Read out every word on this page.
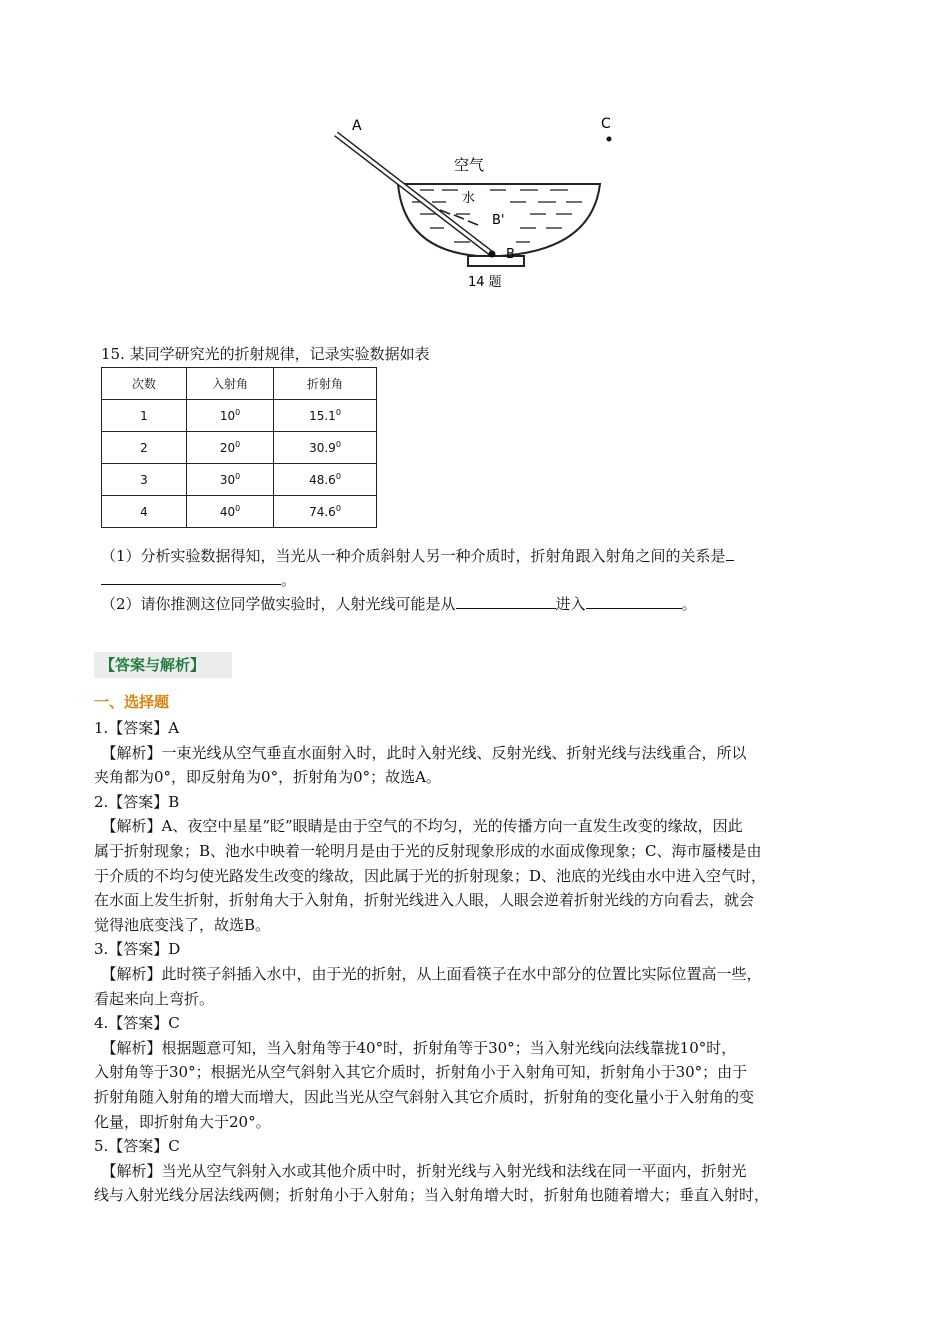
A	C
空气
水
B'
B
14 题
15. 某同学研究光的折射规律，记录实验数据如表
次数	入射角	折射角
1	$10^0$	15.1$^0$
2	$20^0$	30.9$^0$
3	$30^0$	48.6$^0$
4	$40^0$	74.6$^0$
（1）分析实验数据得知，当光从一种介质斜射人另一种介质时，折射角跟入射角之间的关系是
。
（2）请你推测这位同学做实验时，人射光线可能是从	进入	。
【答案与解析】
一、选择题
1.【答案】A
　【解析】一束光线从空气垂直水面射入时，此时入射光线、反射光线、折射光线与法线重合，所以
夹角都为0°，即反射角为0°，折射角为0°；故选A。
2.【答案】B
　【解析】A、夜空中星星”眨”眼睛是由于空气的不均匀，光的传播方向一直发生改变的缘故，因此
属于折射现象；B、池水中映着一轮明月是由于光的反射现象形成的水面成像现象；C、海市蜃楼是由
于介质的不均匀使光路发生改变的缘故，因此属于光的折射现象；D、池底的光线由水中进入空气时，
在水面上发生折射，折射角大于入射角，折射光线进入人眼，人眼会逆着折射光线的方向看去，就会
觉得池底变浅了，故选B。
3.【答案】D
　【解析】此时筷子斜插入水中，由于光的折射，从上面看筷子在水中部分的位置比实际位置高一些，
看起来向上弯折。
4.【答案】C
　【解析】根据题意可知，当入射角等于40°时，折射角等于30°；当入射光线向法线靠拢10°时，
入射角等于30°；根据光从空气斜射入其它介质时，折射角小于入射角可知，折射角小于30°；由于
折射角随入射角的增大而增大，因此当光从空气斜射入其它介质时，折射角的变化量小于入射角的变
化量，即折射角大于20°。
5.【答案】C
　【解析】当光从空气斜射入水或其他介质中时，折射光线与入射光线和法线在同一平面内，折射光
线与入射光线分居法线两侧；折射角小于入射角；当入射角增大时，折射角也随着增大；垂直入射时，
